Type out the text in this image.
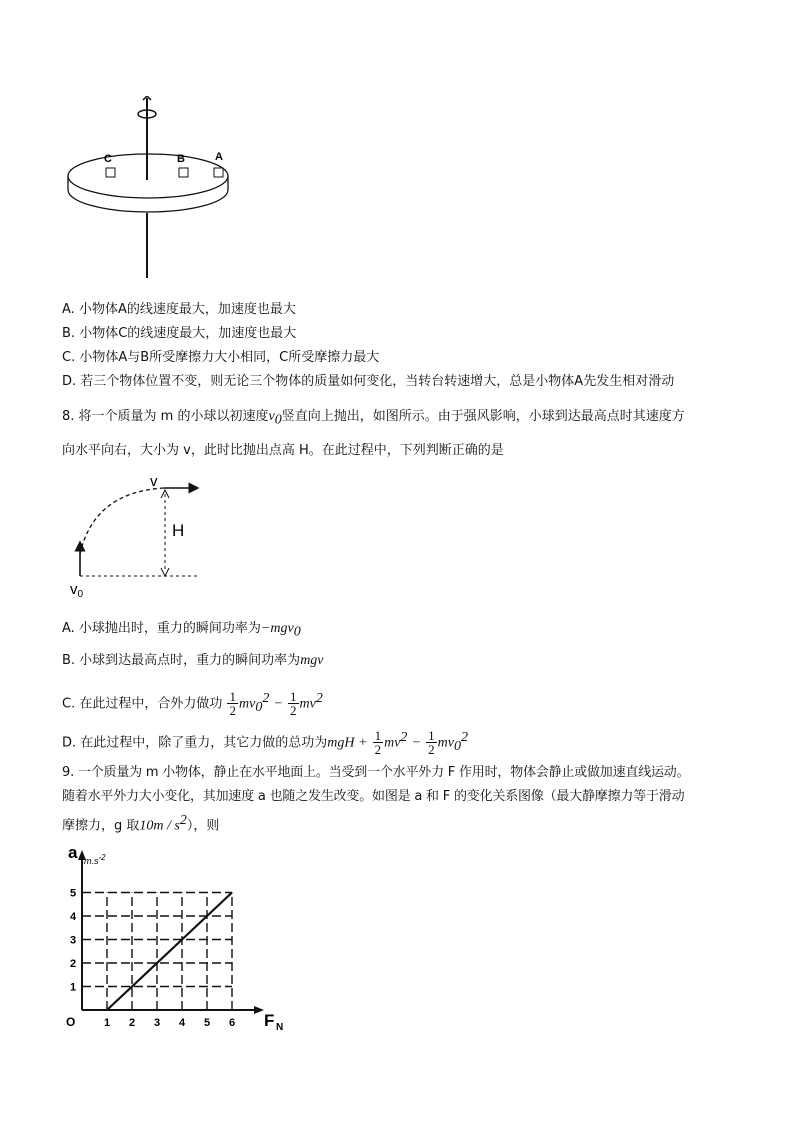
C	B	A
A. 小物体A的线速度最大，加速度也最大
B. 小物体C的线速度最大，加速度也最大
C. 小物体A与B所受摩擦力大小相同，C所受摩擦力最大
D. 若三个物体位置不变，则无论三个物体的质量如何变化，当转台转速增大，总是小物体A先发生相对滑动
8. 将一个质量为 m 的小球以初速度$v_0$竖直向上抛出，如图所示。由于强风影响，小球到达最高点时其速度方
向水平向右，大小为 v，此时比抛出点高 H。在此过程中，下列判断正确的是
v
H
$v_0$
A. 小球抛出时，重力的瞬间功率为−mgv$_0$
B. 小球到达最高点时，重力的瞬间功率为mgv
C. 在此过程中，合外力做功 $\frac{1}{2} mv_0^2 - \frac{1}{2} mv^2$
D. 在此过程中，除了重力，其它力做的总功为mgH + $\frac{1}{2} mv^2 - \frac{1}{2} mv_0^2$
9. 一个质量为 m 小物体，静止在水平地面上。当受到一个水平外力 F 作用时，物体会静止或做加速直线运动。
随着水平外力大小变化，其加速度 a 也随之发生改变。如图是 a 和 F 的变化关系图像（最大静摩擦力等于滑动
摩擦力，g 取$10m / s^2$），则
1 2 3 4 5 6
1
2
3
4
5
a m.s-2
F N
O
